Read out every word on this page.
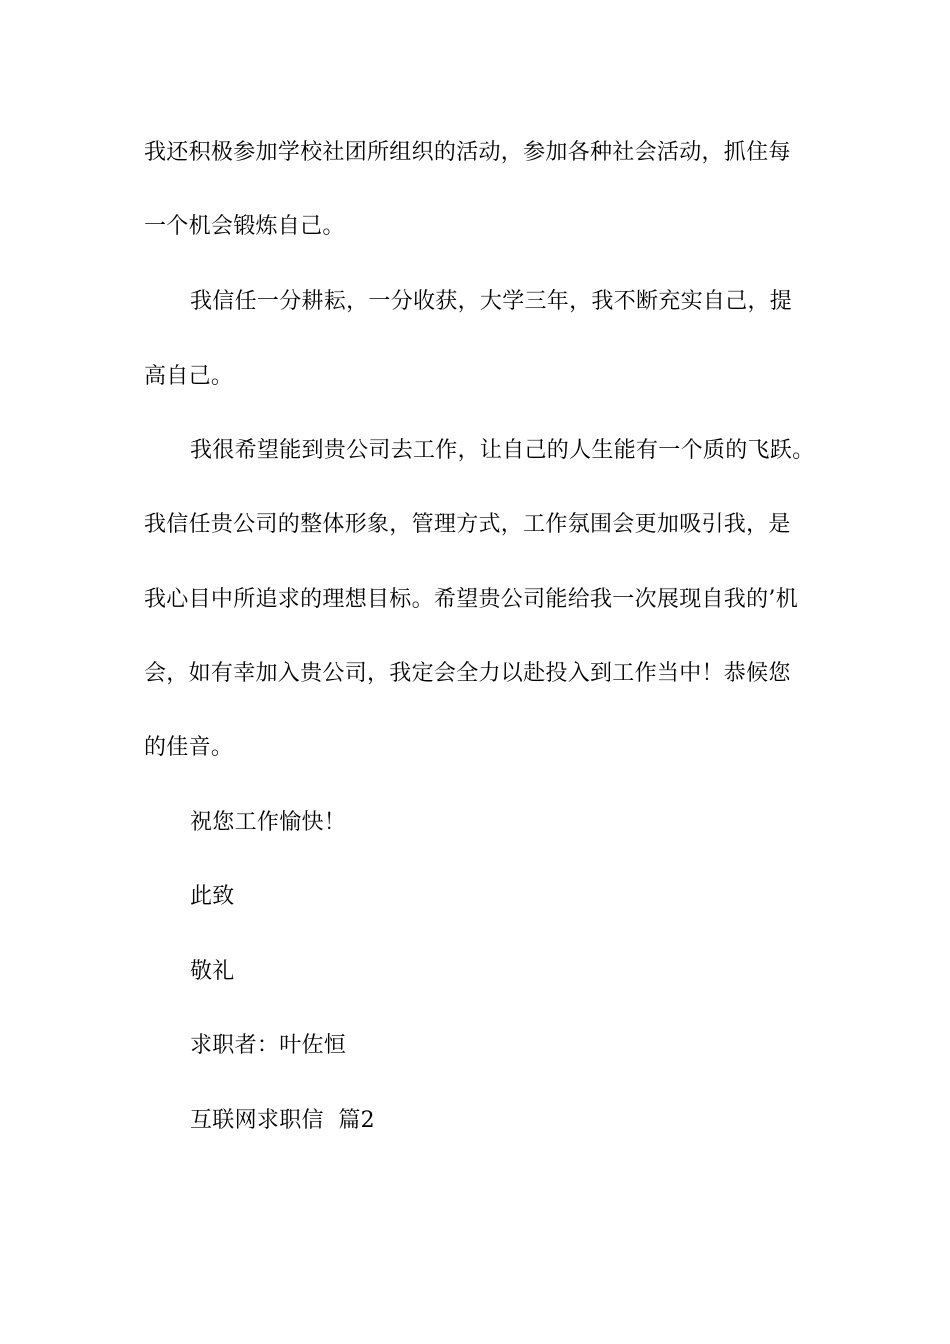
我还积极参加学校社团所组织的活动，参加各种社会活动，抓住每
一个机会锻炼自己。
我信任一分耕耘，一分收获，大学三年，我不断充实自己，提
高自己。
我很希望能到贵公司去工作，让自己的人生能有一个质的飞跃。
我信任贵公司的整体形象，管理方式，工作氛围会更加吸引我，是
我心目中所追求的理想目标。希望贵公司能给我一次展现自我的’机
会，如有幸加入贵公司，我定会全力以赴投入到工作当中！恭候您
的佳音。
祝您工作愉快！
此致
敬礼
求职者：叶佐恒
互联网求职信  篇2
